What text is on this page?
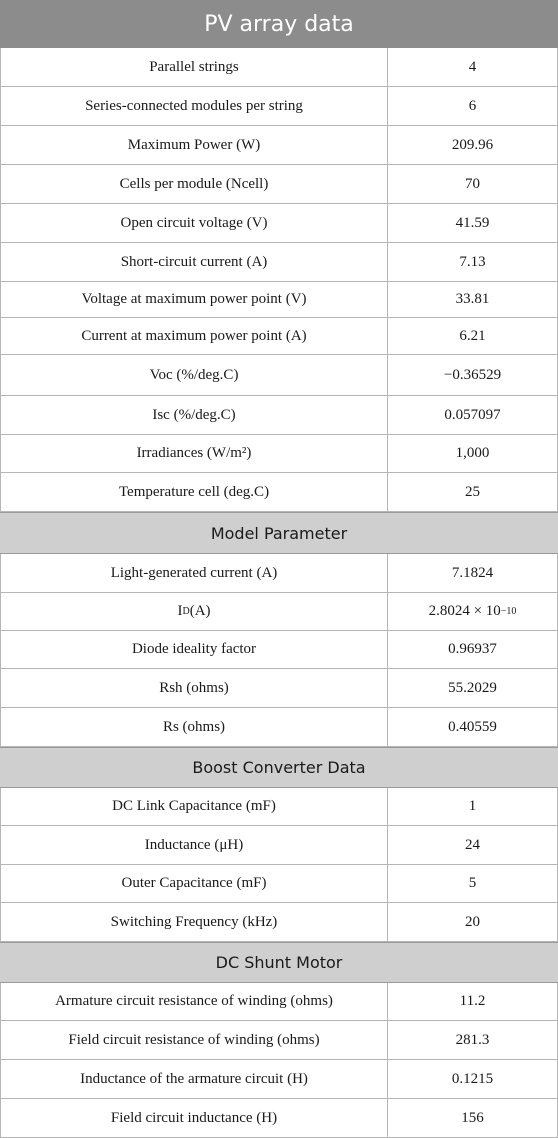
PV array data
Parallel strings	4
Series-connected modules per string	6
Maximum Power (W)	209.96
Cells per module (Ncell)	70
Open circuit voltage (V)	41.59
Short-circuit current (A)	7.13
Voltage at maximum power point (V)	33.81
Current at maximum power point (A)	6.21
Voc (%/deg.C)	−0.36529
Isc (%/deg.C)	0.057097
Irradiances (W/m²)	1,000
Temperature cell (deg.C)	25
Model Parameter
Light-generated current (A)	7.1824
I D (A)	2.8024 × 10 −10
Diode ideality factor	0.96937
Rsh (ohms)	55.2029
Rs (ohms)	0.40559
Boost Converter Data
DC Link Capacitance (mF)	1
Inductance (μH)	24
Outer Capacitance (mF)	5
Switching Frequency (kHz)	20
DC Shunt Motor
Armature circuit resistance of winding (ohms)	11.2
Field circuit resistance of winding (ohms)	281.3
Inductance of the armature circuit (H)	0.1215
Field circuit inductance (H)	156
